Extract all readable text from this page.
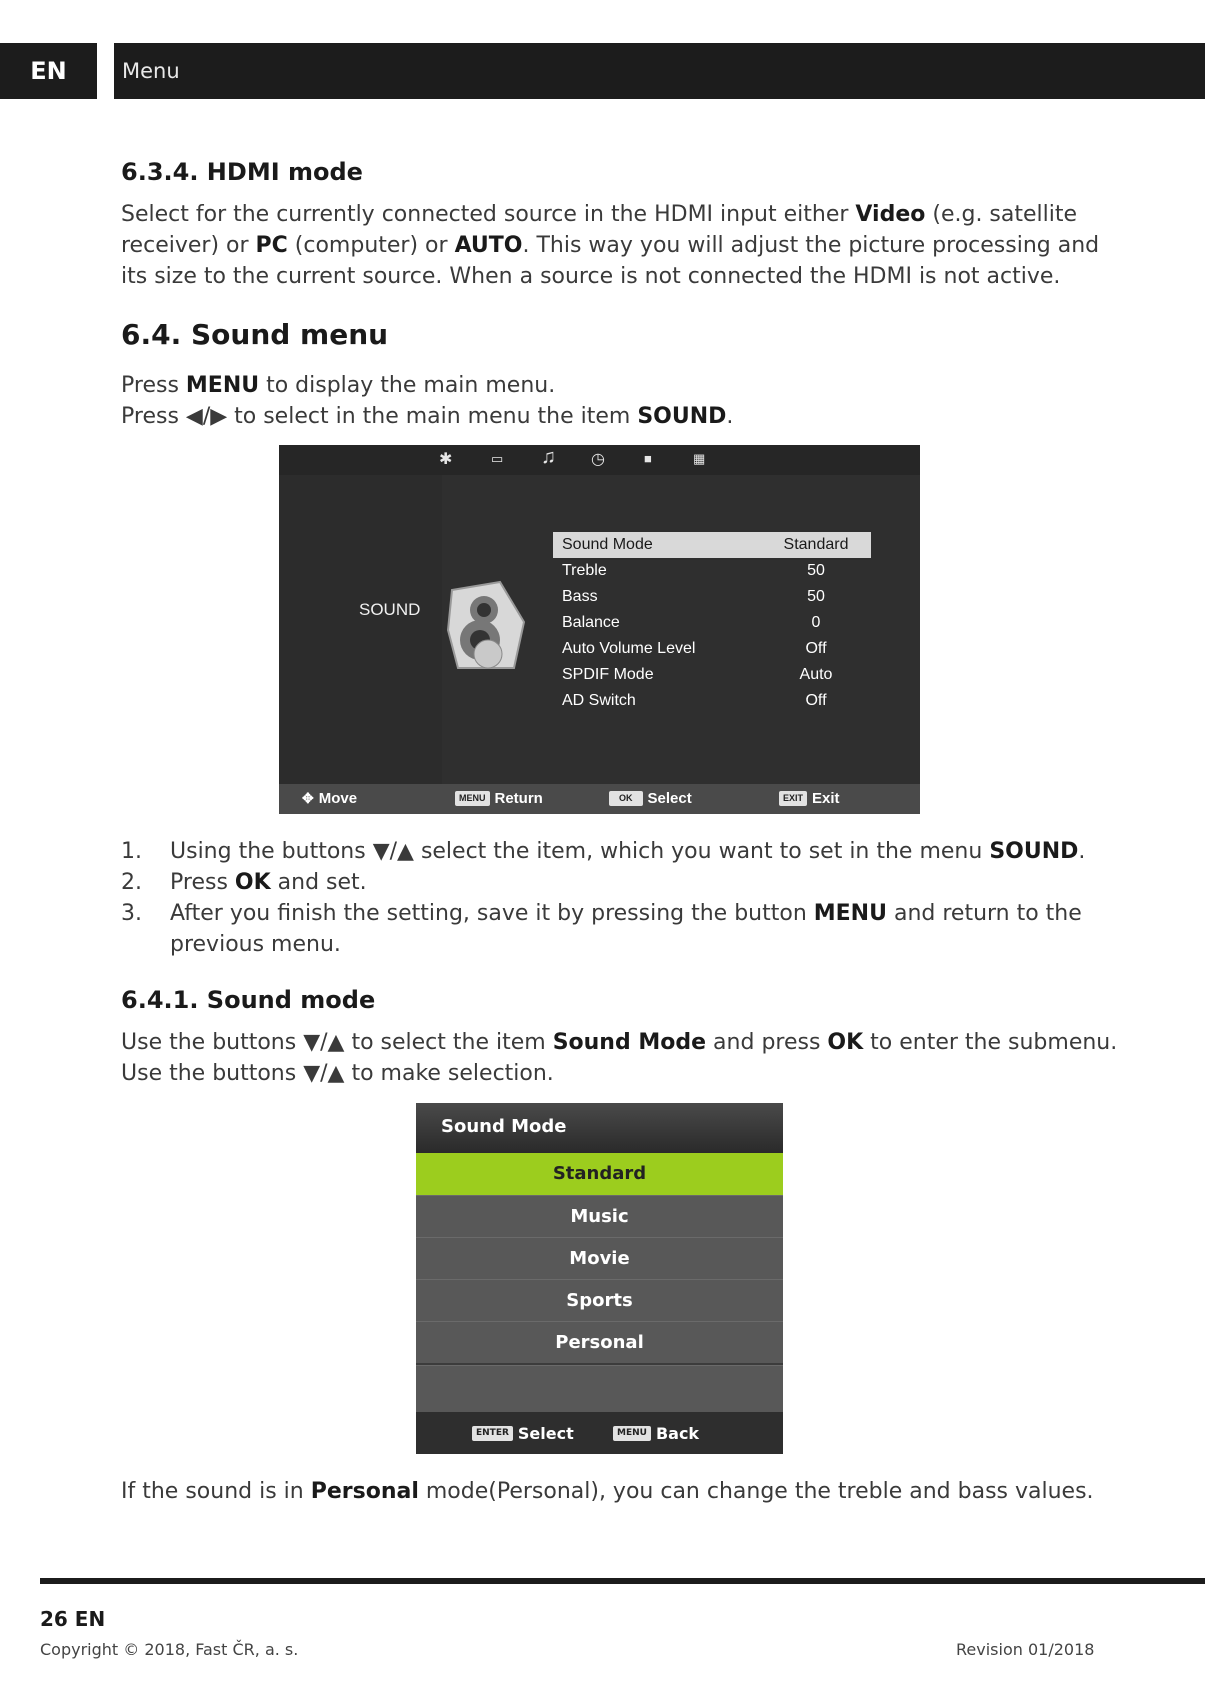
EN	Menu
6.3.4. HDMI mode
Select for the currently connected source in the HDMI input either Video (e.g. satellite
receiver) or PC (computer) or AUTO. This way you will adjust the picture processing and
its size to the current source. When a source is not connected the HDMI is not active.
6.4. Sound menu
Press MENU to display the main menu.
Press ◀/▶ to select in the main menu the item SOUND.
✱	▭ ♫ ◷	■	▦
SOUND
Sound Mode	Standard
Treble	50
Bass	50
Balance	0
Auto Volume Level	Off
SPDIF Mode	Auto
AD Switch	Off
✥ Move	MENU Return	OK	Select	EXIT Exit
1. Using the buttons ▼/▲ select the item, which you want to set in the menu SOUND.
2. Press OK and set.
3. After you finish the setting, save it by pressing the button MENU and return to the
previous menu.
6.4.1. Sound mode
Use the buttons ▼/▲ to select the item Sound Mode and press OK to enter the submenu.
Use the buttons ▼/▲ to make selection.
Sound Mode
Standard
Music
Movie
Sports
Personal
ENTER Select	MENU Back
If the sound is in Personal mode(Personal), you can change the treble and bass values.
26 EN
Copyright © 2018, Fast ČR, a. s.	Revision 01/2018
